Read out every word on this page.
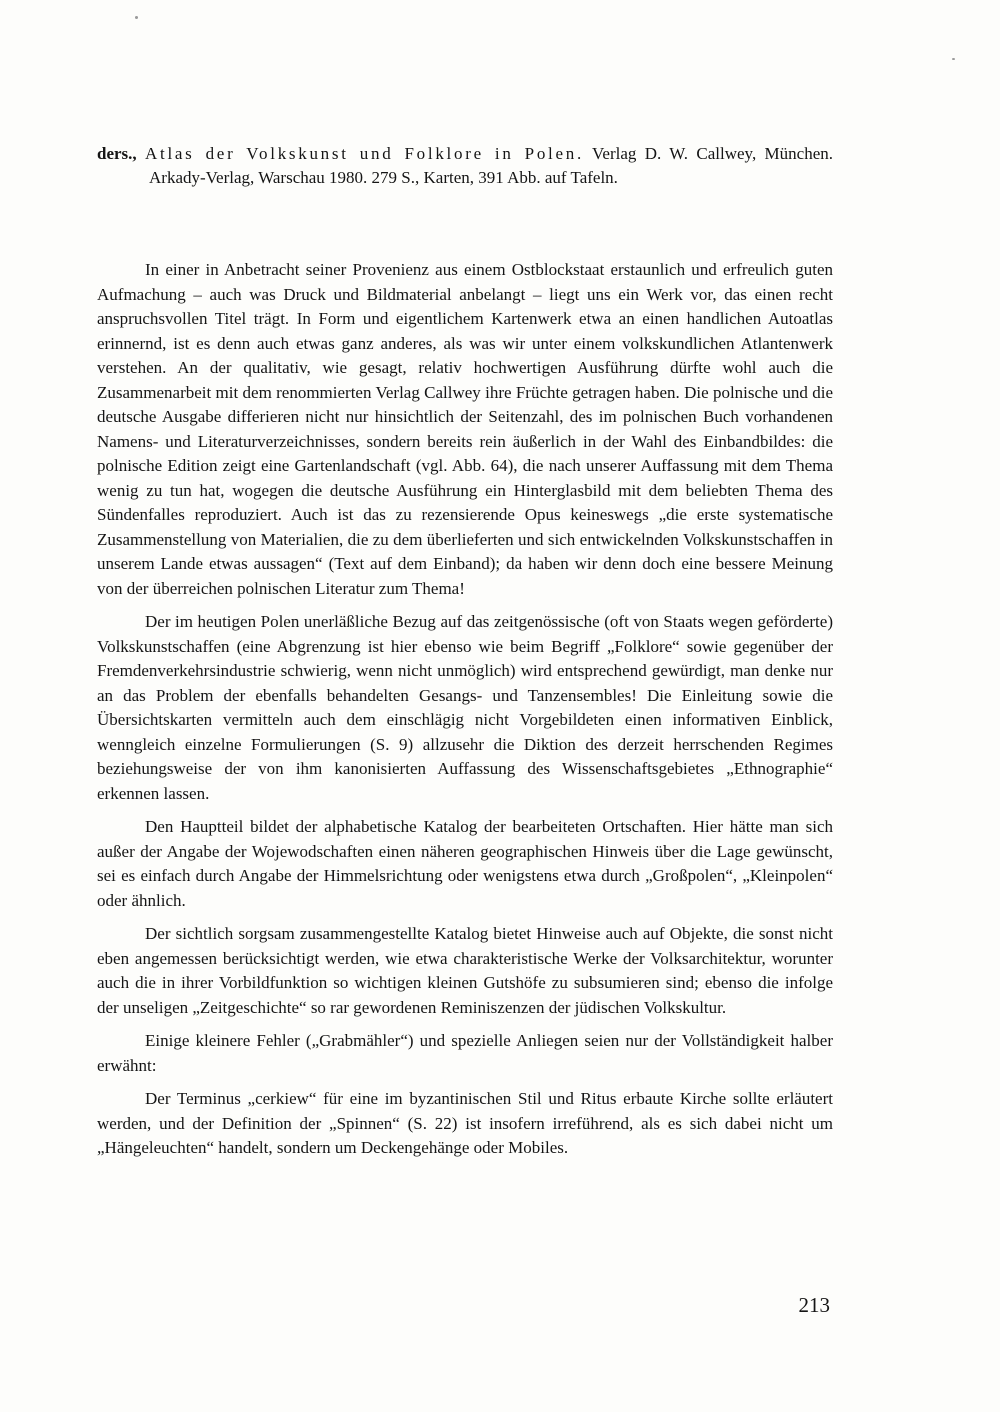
ders., Atlas der Volkskunst und Folklore in Polen. Verlag D. W. Callwey, München. Arkady-Verlag, Warschau 1980. 279 S., Karten, 391 Abb. auf Tafeln.

In einer in Anbetracht seiner Provenienz aus einem Ostblockstaat erstaunlich und erfreulich guten Aufmachung – auch was Druck und Bildmaterial anbelangt – liegt uns ein Werk vor, das einen recht anspruchsvollen Titel trägt. In Form und eigentlichem Kartenwerk etwa an einen handlichen Autoatlas erinnernd, ist es denn auch etwas ganz anderes, als was wir unter einem volkskundlichen Atlantenwerk verstehen. An der qualitativ, wie gesagt, relativ hochwertigen Ausführung dürfte wohl auch die Zusammenarbeit mit dem renommierten Verlag Callwey ihre Früchte getragen haben. Die polnische und die deutsche Ausgabe differieren nicht nur hinsichtlich der Seitenzahl, des im polnischen Buch vorhandenen Namens- und Literaturverzeichnisses, sondern bereits rein äußerlich in der Wahl des Einbandbildes: die polnische Edition zeigt eine Gartenlandschaft (vgl. Abb. 64), die nach unserer Auffassung mit dem Thema wenig zu tun hat, wogegen die deutsche Ausführung ein Hinterglasbild mit dem beliebten Thema des Sündenfalles reproduziert. Auch ist das zu rezensierende Opus keineswegs „die erste systematische Zusammenstellung von Materialien, die zu dem überlieferten und sich entwickelnden Volkskunstschaffen in unserem Lande etwas aussagen“ (Text auf dem Einband); da haben wir denn doch eine bessere Meinung von der überreichen polnischen Literatur zum Thema!

Der im heutigen Polen unerläßliche Bezug auf das zeitgenössische (oft von Staats wegen geförderte) Volkskunstschaffen (eine Abgrenzung ist hier ebenso wie beim Begriff „Folklore“ sowie gegenüber der Fremdenverkehrsindustrie schwierig, wenn nicht unmöglich) wird entsprechend gewürdigt, man denke nur an das Problem der ebenfalls behandelten Gesangs- und Tanzensembles! Die Einleitung sowie die Übersichtskarten vermitteln auch dem einschlägig nicht Vorgebildeten einen informativen Einblick, wenngleich einzelne Formulierungen (S. 9) allzusehr die Diktion des derzeit herrschenden Regimes beziehungsweise der von ihm kanonisierten Auffassung des Wissenschaftsgebietes „Ethnographie“ erkennen lassen.

Den Hauptteil bildet der alphabetische Katalog der bearbeiteten Ortschaften. Hier hätte man sich außer der Angabe der Wojewodschaften einen näheren geographischen Hinweis über die Lage gewünscht, sei es einfach durch Angabe der Himmelsrichtung oder wenigstens etwa durch „Großpolen“, „Kleinpolen“ oder ähnlich.

Der sichtlich sorgsam zusammengestellte Katalog bietet Hinweise auch auf Objekte, die sonst nicht eben angemessen berücksichtigt werden, wie etwa charakteristische Werke der Volksarchitektur, worunter auch die in ihrer Vorbildfunktion so wichtigen kleinen Gutshöfe zu subsumieren sind; ebenso die infolge der unseligen „Zeitgeschichte“ so rar gewordenen Reminiszenzen der jüdischen Volkskultur.

Einige kleinere Fehler („Grabmähler“) und spezielle Anliegen seien nur der Vollständigkeit halber erwähnt:

Der Terminus „cerkiew“ für eine im byzantinischen Stil und Ritus erbaute Kirche sollte erläutert werden, und der Definition der „Spinnen“ (S. 22) ist insofern irreführend, als es sich dabei nicht um „Hängeleuchten“ handelt, sondern um Deckengehänge oder Mobiles.

213
